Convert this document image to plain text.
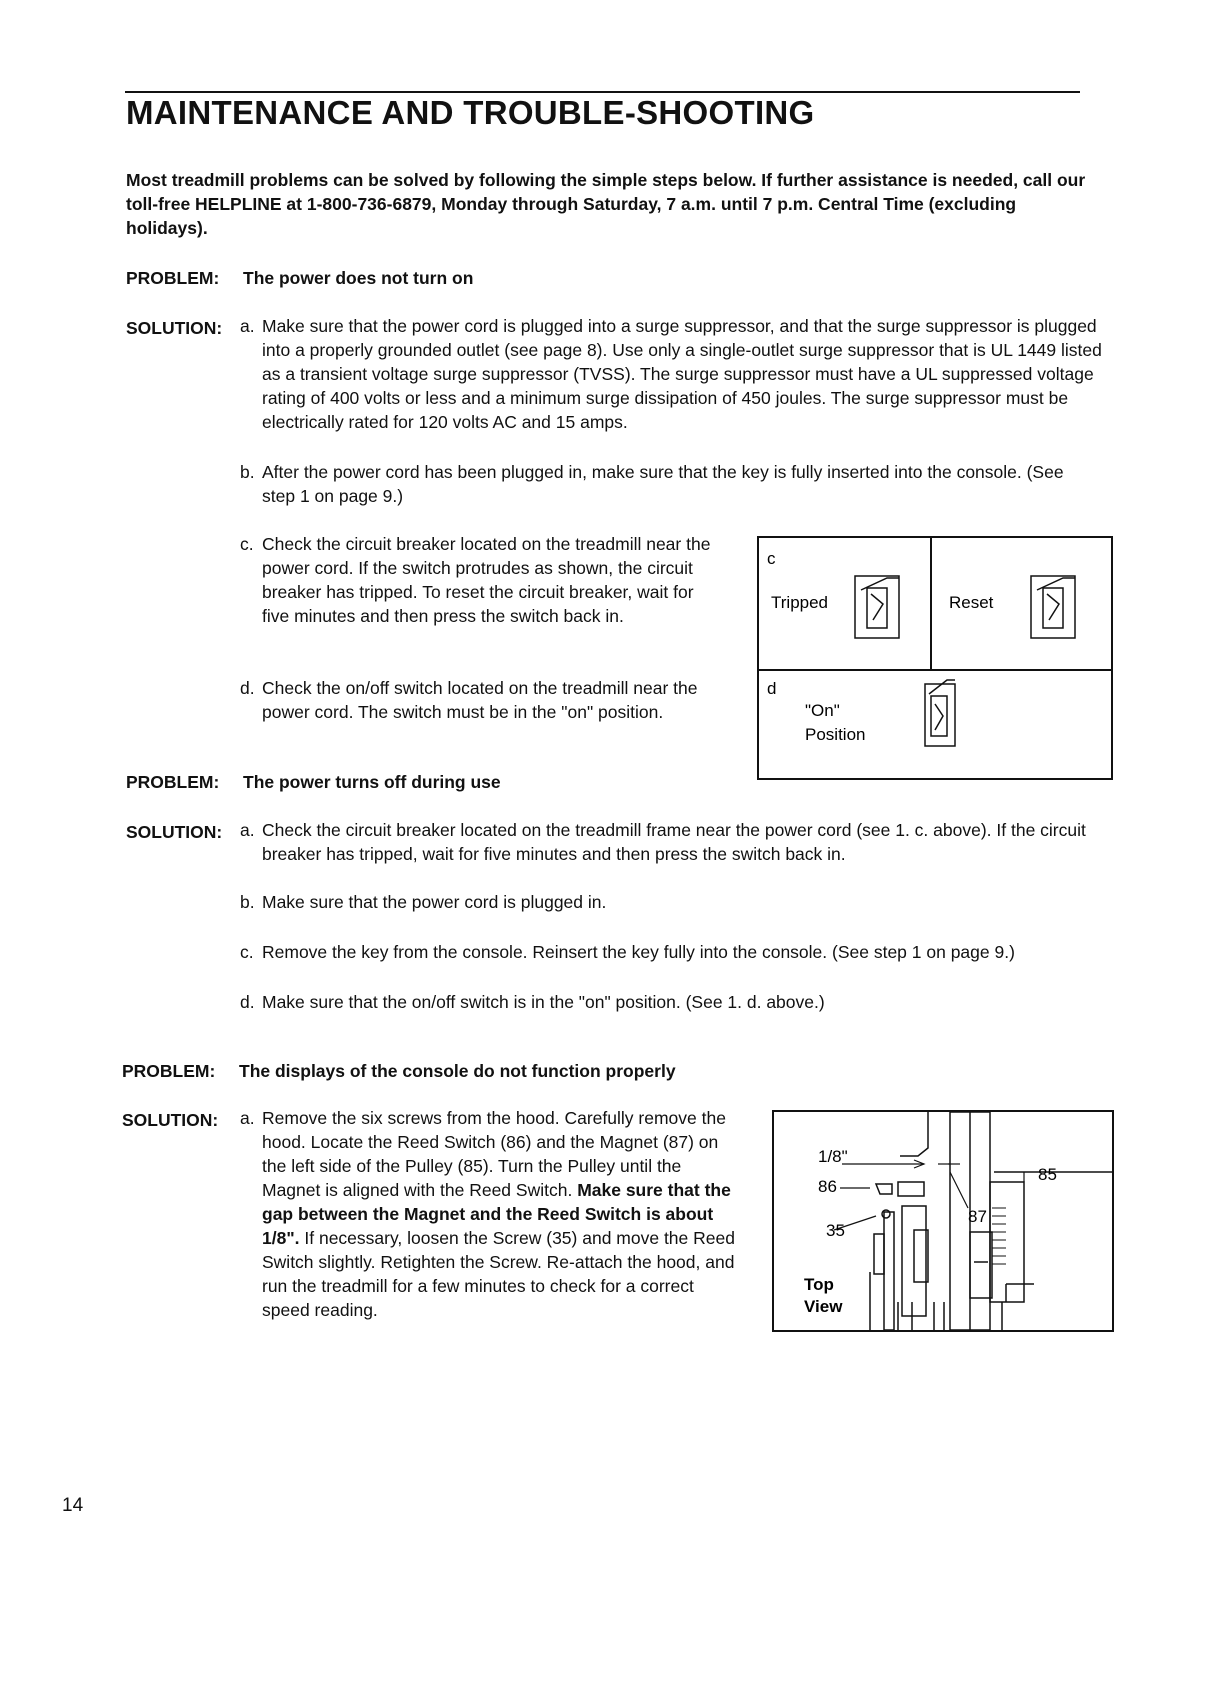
MAINTENANCE AND TROUBLE-SHOOTING

Most treadmill problems can be solved by following the simple steps below. If further assistance is needed, call our toll-free HELPLINE at 1-800-736-6879, Monday through Saturday, 7 a.m. until 7 p.m. Central Time (excluding holidays).

PROBLEM: The power does not turn on
SOLUTION: a. Make sure that the power cord is plugged into a surge suppressor, and that the surge suppressor is plugged into a properly grounded outlet (see page 8). Use only a single-outlet surge suppressor that is UL 1449 listed as a transient voltage surge suppressor (TVSS). The surge suppressor must have a UL suppressed voltage rating of 400 volts or less and a minimum surge dissipation of 450 joules. The surge suppressor must be electrically rated for 120 volts AC and 15 amps.
b. After the power cord has been plugged in, make sure that the key is fully inserted into the console. (See step 1 on page 9.)
c. Check the circuit breaker located on the treadmill near the power cord. If the switch protrudes as shown, the circuit breaker has tripped. To reset the circuit breaker, wait for five minutes and then press the switch back in.
d. Check the on/off switch located on the treadmill near the power cord. The switch must be in the "on" position.
c
Tripped	Reset
d
"On"
Position
PROBLEM: The power turns off during use
SOLUTION: a. Check the circuit breaker located on the treadmill frame near the power cord (see 1. c. above). If the circuit breaker has tripped, wait for five minutes and then press the switch back in.
b. Make sure that the power cord is plugged in.
c. Remove the key from the console. Reinsert the key fully into the console. (See step 1 on page 9.)
d. Make sure that the on/off switch is in the "on" position. (See 1. d. above.)
PROBLEM: The displays of the console do not function properly
SOLUTION: a. Remove the six screws from the hood. Carefully remove the hood. Locate the Reed Switch (86) and the Magnet (87) on the left side of the Pulley (85). Turn the Pulley until the Magnet is aligned with the Reed Switch. Make sure that the gap between the Magnet and the Reed Switch is about 1/8". If necessary, loosen the Screw (35) and move the Reed Switch slightly. Retighten the Screw. Re-attach the hood, and run the treadmill for a few minutes to check for a correct speed reading.
1/8"
86
35
87
85
Top
View
14
